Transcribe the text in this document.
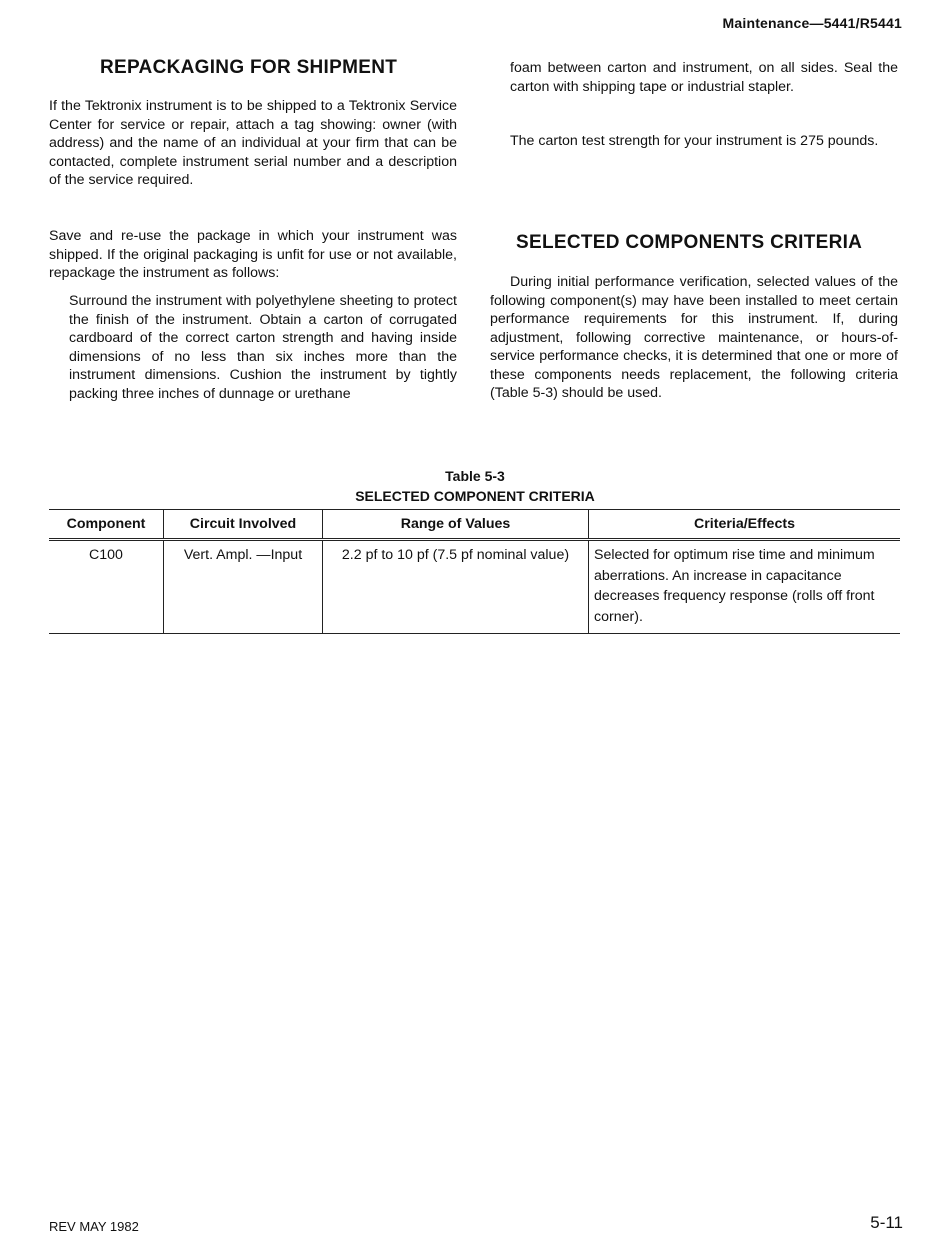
Maintenance—5441/R5441
REPACKAGING FOR SHIPMENT

If the Tektronix instrument is to be shipped to a Tektronix Service Center for service or repair, attach a tag showing: owner (with address) and the name of an individual at your firm that can be contacted, complete instrument serial number and a description of the service required.

Save and re-use the package in which your instrument was shipped. If the original packaging is unfit for use or not available, repackage the instrument as follows:

Surround the instrument with polyethylene sheeting to protect the finish of the instrument. Obtain a carton of corrugated cardboard of the correct carton strength and having inside dimensions of no less than six inches more than the instrument dimensions. Cushion the instrument by tightly packing three inches of dunnage or urethane

foam between carton and instrument, on all sides. Seal the carton with shipping tape or industrial stapler.

The carton test strength for your instrument is 275 pounds.

SELECTED COMPONENTS CRITERIA

During initial performance verification, selected values of the following component(s) may have been installed to meet certain performance requirements for this instrument. If, during adjustment, following corrective maintenance, or hours-of-service performance checks, it is determined that one or more of these components needs replacement, the following criteria (Table 5-3) should be used.

Table 5-3
SELECTED COMPONENT CRITERIA
Component	Circuit Involved	Range of Values	Criteria/Effects
C100	Vert. Ampl. —Input	2.2 pf to 10 pf (7.5 pf nominal value)	Selected for optimum rise time and minimum aberrations. An increase in capacitance decreases frequency response (rolls off front corner).
REV MAY 1982	5-11
